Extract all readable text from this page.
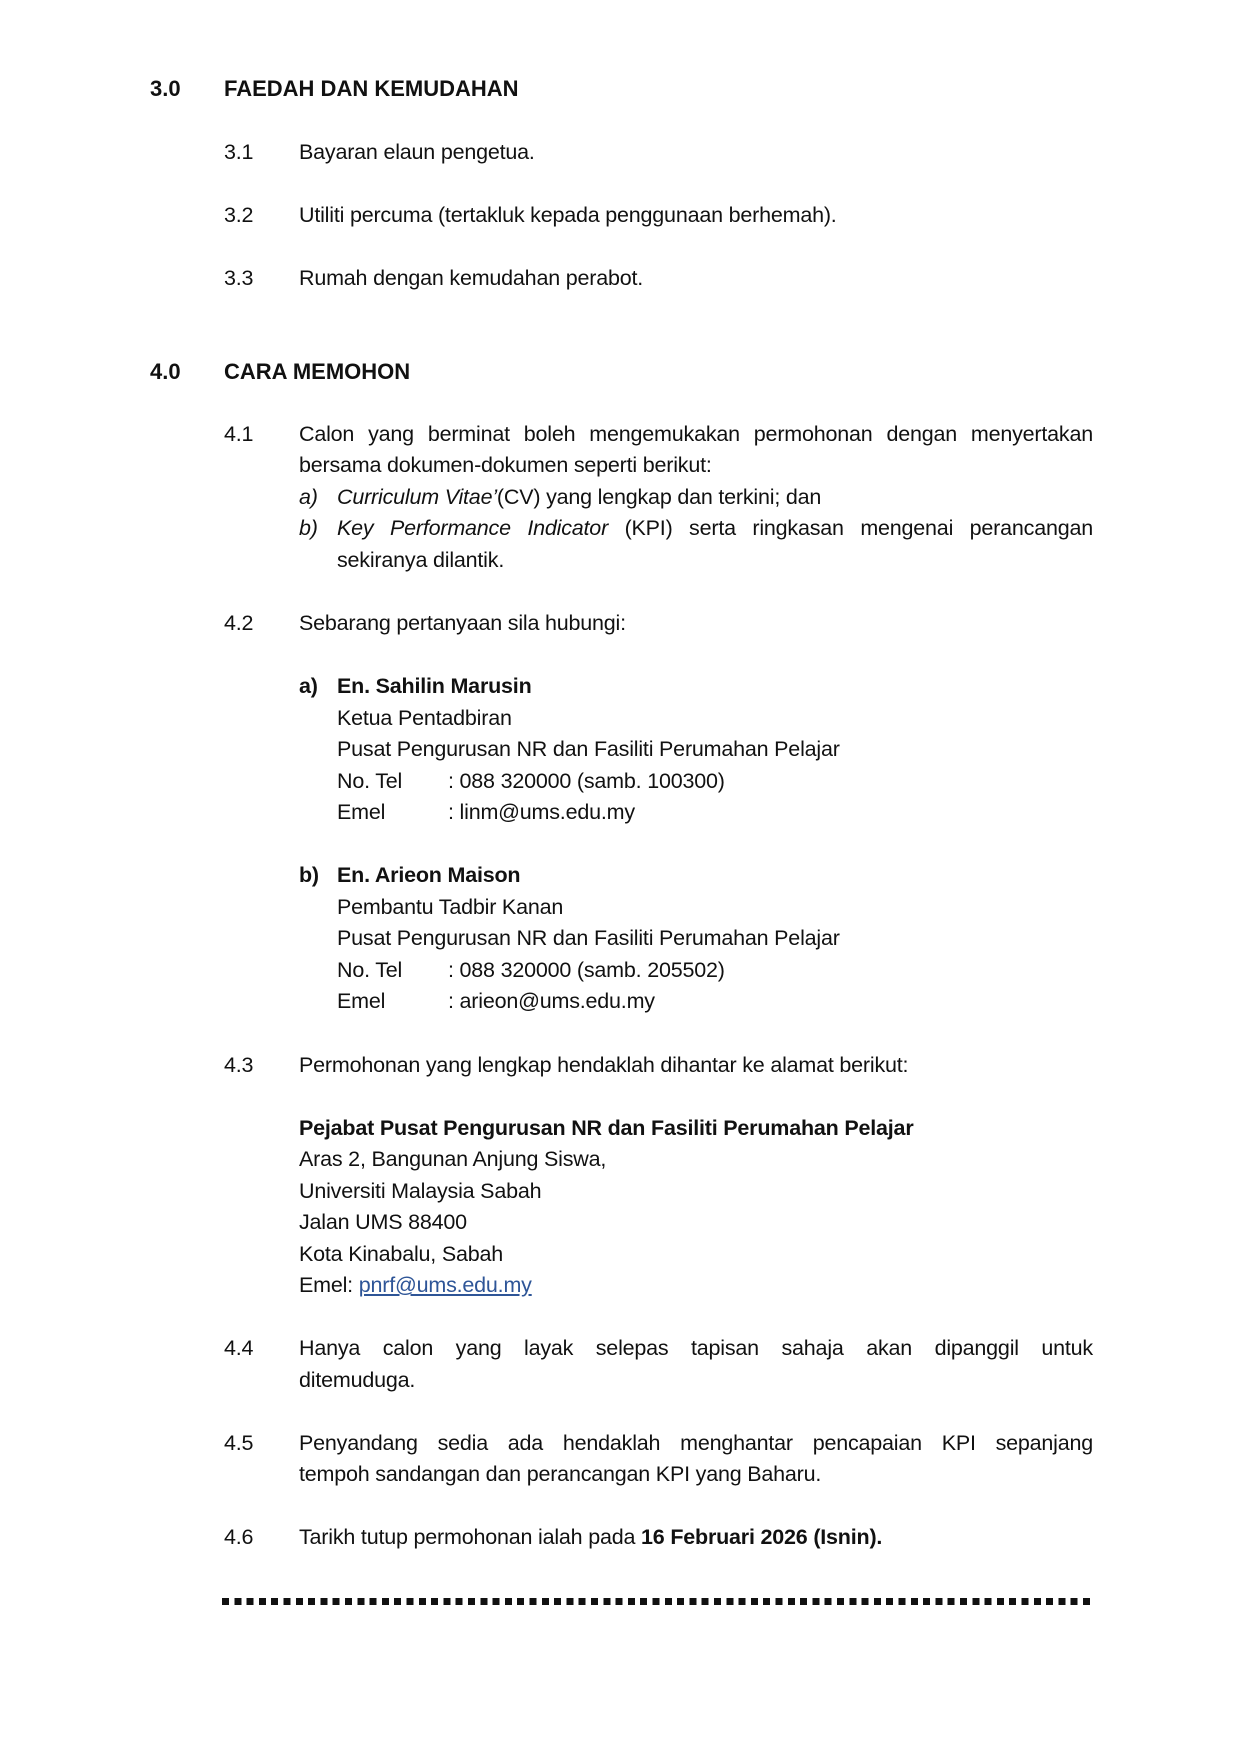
3.0 FAEDAH DAN KEMUDAHAN
3.1 Bayaran elaun pengetua.
3.2 Utiliti percuma (tertakluk kepada penggunaan berhemah).
3.3 Rumah dengan kemudahan perabot.
4.0 CARA MEMOHON
4.1 Calon yang berminat boleh mengemukakan permohonan dengan menyertakan
bersama dokumen-dokumen seperti berikut:
a) Curriculum Vitae’(CV) yang lengkap dan terkini; dan
b) Key Performance Indicator (KPI) serta ringkasan mengenai perancangan
sekiranya dilantik.
4.2 Sebarang pertanyaan sila hubungi:
a) En. Sahilin Marusin
Ketua Pentadbiran
Pusat Pengurusan NR dan Fasiliti Perumahan Pelajar
No. Tel : 088 320000 (samb. 100300)
Emel	: linm@ums.edu.my
b) En. Arieon Maison
Pembantu Tadbir Kanan
Pusat Pengurusan NR dan Fasiliti Perumahan Pelajar
No. Tel : 088 320000 (samb. 205502)
Emel	: arieon@ums.edu.my
4.3 Permohonan yang lengkap hendaklah dihantar ke alamat berikut:
Pejabat Pusat Pengurusan NR dan Fasiliti Perumahan Pelajar
Aras 2, Bangunan Anjung Siswa,
Universiti Malaysia Sabah
Jalan UMS 88400
Kota Kinabalu, Sabah
Emel: pnrf@ums.edu.my
4.4 Hanya calon yang layak selepas tapisan sahaja akan dipanggil untuk
ditemuduga.
4.5 Penyandang sedia ada hendaklah menghantar pencapaian KPI sepanjang
tempoh sandangan dan perancangan KPI yang Baharu.
4.6 Tarikh tutup permohonan ialah pada 16 Februari 2026 (Isnin).
